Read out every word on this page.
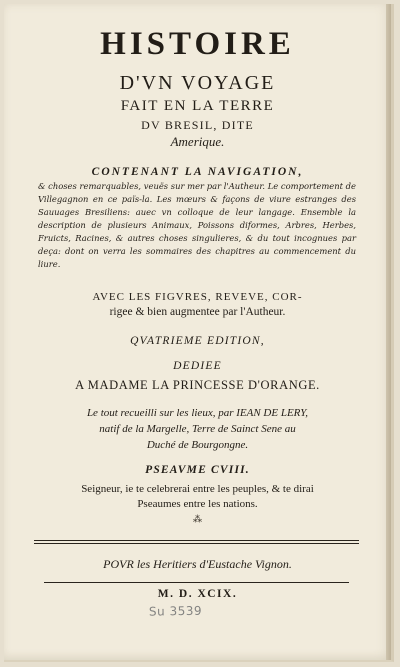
HISTOIRE

D'VN VOYAGE

FAIT EN LA TERRE

DV BRESIL, DITE

Amerique.

CONTENANT LA NAVIGATION,

& choses remarquables, veuës sur mer par l'Autheur. Le comportement de Villegagnon en ce païs-la. Les mœurs & façons de viure estranges des Sauuages Bresiliens: auec vn colloque de leur langage. Ensemble la description de plusieurs Animaux, Poissons diformes, Arbres, Herbes, Fruicts, Racines, & autres choses singulieres, & du tout incognues par deça: dont on verra les sommaires des chapitres au commencement du liure.

AVEC LES FIGVRES, REVEVE, COR-

rigee & bien augmentee par l'Autheur.

QVATRIEME EDITION,

DEDIEE

A MADAME LA PRINCESSE D'ORANGE.

Le tout recueilli sur les lieux, par IEAN DE LERY,

natif de la Margelle, Terre de Sainct Sene au

Duché de Bourgongne.

PSEAVME CVIII.

Seigneur, ie te celebrerai entre les peuples, & te dirai

Pseaumes entre les nations.

⁂

POVR les Heritiers d'Eustache Vignon.

M. D. XCIX.

Su 3539
